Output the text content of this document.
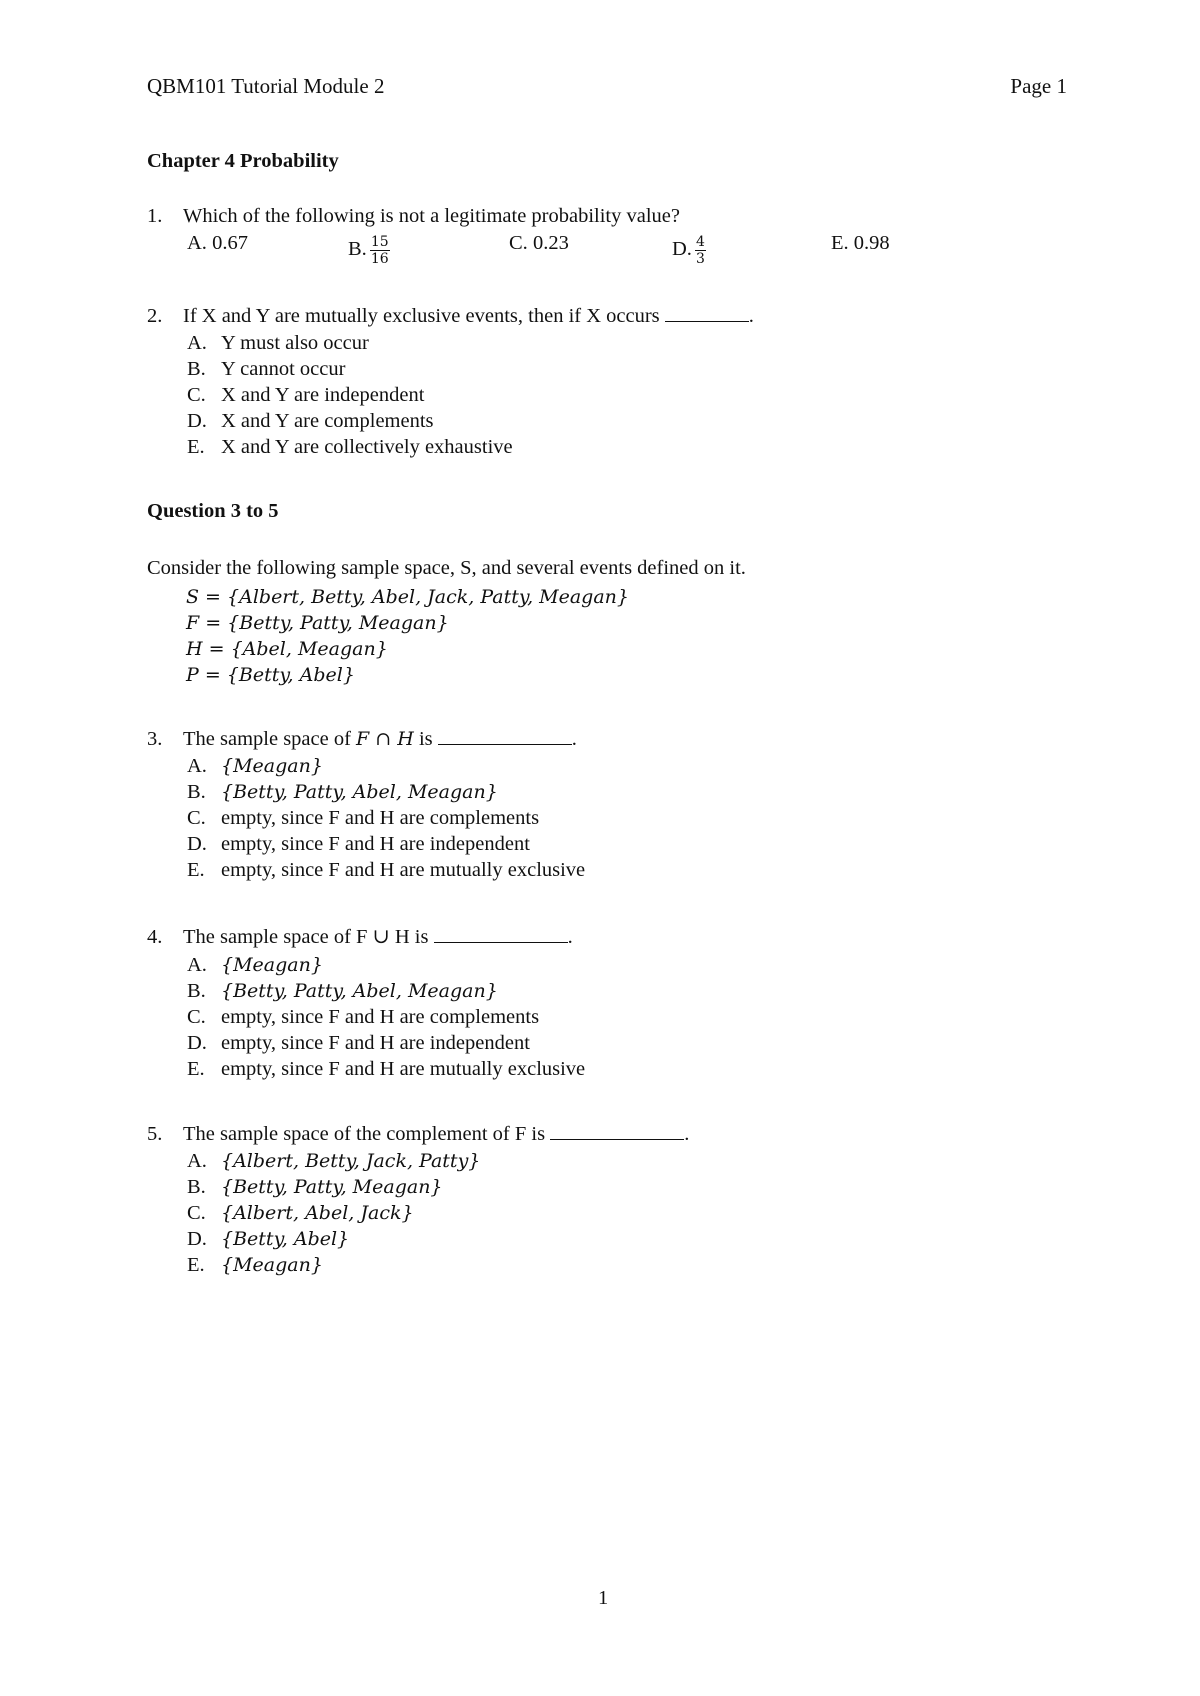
QBM101 Tutorial Module 2	Page 1
Chapter 4 Probability
1. Which of the following is not a legitimate probability value?
A. 0.67	B. $\frac{15}{16}$	C. 0.23	D. $\frac{4}{3}$	E. 0.98
2. If X and Y are mutually exclusive events, then if X occurs	.
A. Y must also occur
B. Y cannot occur
C. X and Y are independent
D. X and Y are complements
E. X and Y are collectively exhaustive
Question 3 to 5
Consider the following sample space, S, and several events defined on it.
S = {Albert, Betty, Abel, Jack, Patty, Meagan}
F = {Betty, Patty, Meagan}
H = {Abel, Meagan}
P = {Betty, Abel}
3. The sample space of F ∩ H is	.
A. {Meagan}
B. {Betty, Patty, Abel, Meagan}
C. empty, since F and H are complements
D. empty, since F and H are independent
E. empty, since F and H are mutually exclusive
4. The sample space of F ∪ H is	.
A. {Meagan}
B. {Betty, Patty, Abel, Meagan}
C. empty, since F and H are complements
D. empty, since F and H are independent
E. empty, since F and H are mutually exclusive
5. The sample space of the complement of F is	.
A. {Albert, Betty, Jack, Patty}
B. {Betty, Patty, Meagan}
C. {Albert, Abel, Jack}
D. {Betty, Abel}
E. {Meagan}
1
